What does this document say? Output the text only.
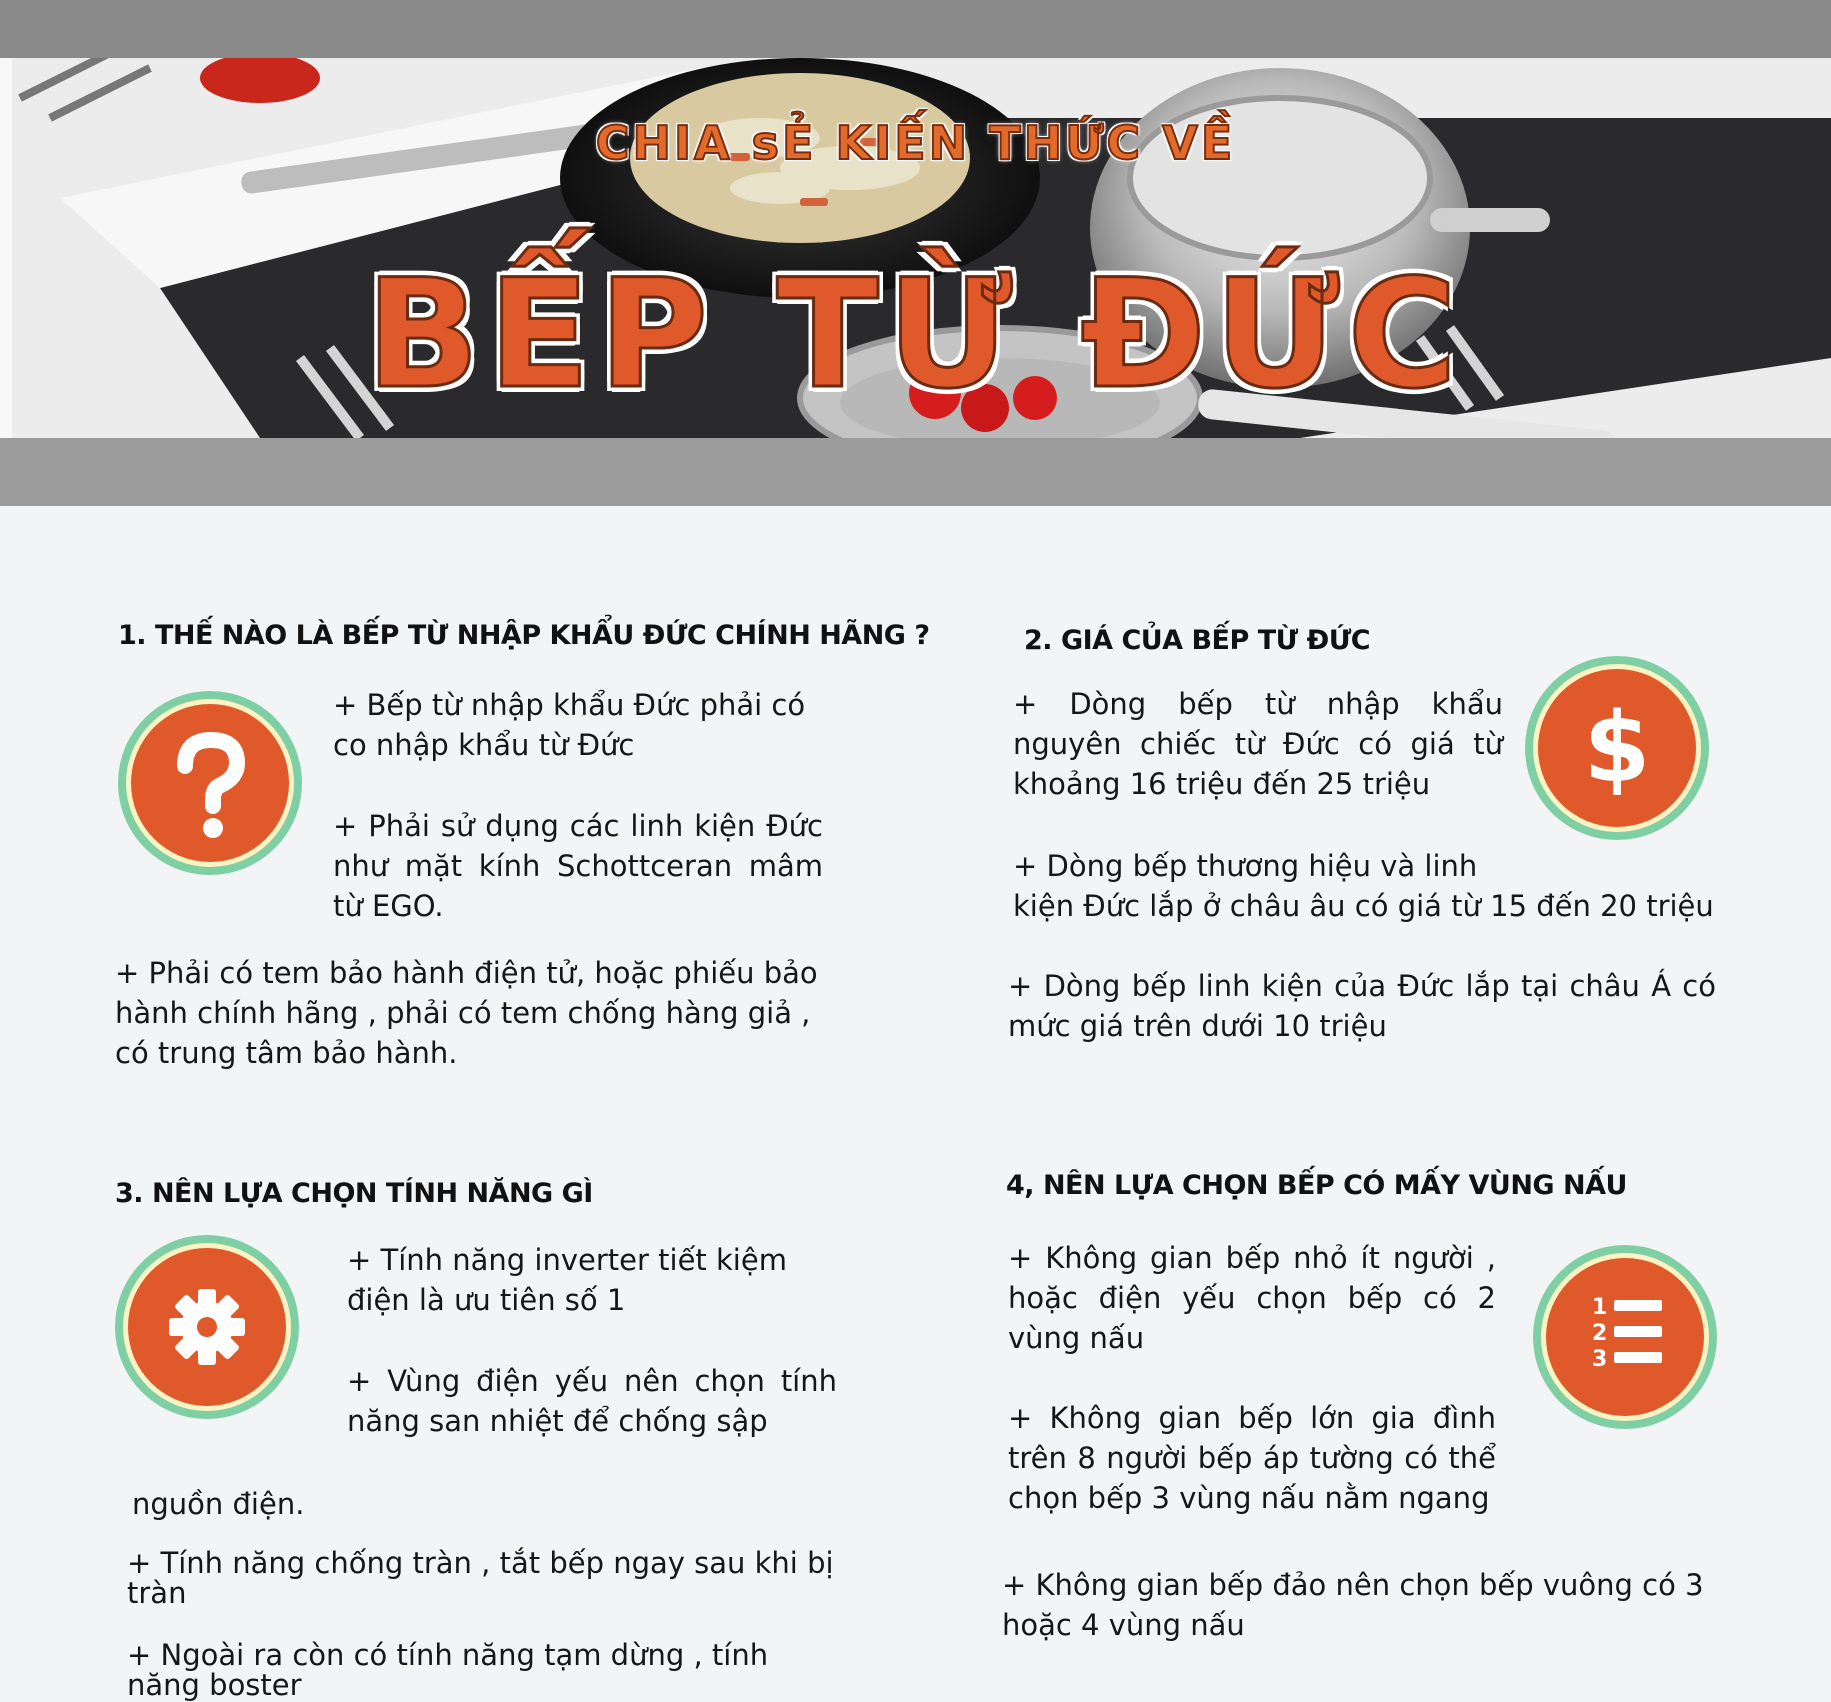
CHIA sẺ KIẾN THỨC VỀ
BẾP TỪ ĐỨC
1. THẾ NÀO LÀ BẾP TỪ NHẬP KHẨU ĐỨC CHÍNH HÃNG ?
+ Bếp từ nhập khẩu Đức phải có co nhập khẩu từ Đức
+ Phải sử dụng các linh kiện Đức như mặt kính Schottceran mâm từ EGO.
+ Phải có tem bảo hành điện tử, hoặc phiếu bảo hành chính hãng , phải có tem chống hàng giả , có trung tâm bảo hành.
2. GIÁ CỦA BẾP TỪ ĐỨC
$
+ Dòng bếp từ nhập khẩu nguyên chiếc từ Đức có giá từ khoảng 16 triệu đến 25 triệu
+ Dòng bếp thương hiệu và linh
kiện Đức lắp ở châu âu có giá từ 15 đến 20 triệu
+ Dòng bếp linh kiện của Đức lắp tại châu Á có mức giá trên dưới 10 triệu
3. NÊN LỰA CHỌN TÍNH NĂNG GÌ
+ Tính năng inverter tiết kiệm điện là ưu tiên số 1
+ Vùng điện yếu nên chọn tính năng san nhiệt để chống sập
nguồn điện.
+ Tính năng chống tràn , tắt bếp ngay sau khi bị tràn
+ Ngoài ra còn có tính năng tạm dừng , tính năng boster
4, NÊN LỰA CHỌN BẾP CÓ MẤY VÙNG NẤU
1
2
3
+ Không gian bếp nhỏ ít người , hoặc điện yếu chọn bếp có 2 vùng nấu
+ Không gian bếp lớn gia đình trên 8 người bếp áp tường có thể chọn bếp 3 vùng nấu nằm ngang
+ Không gian bếp đảo nên chọn bếp vuông có 3 hoặc 4 vùng nấu
